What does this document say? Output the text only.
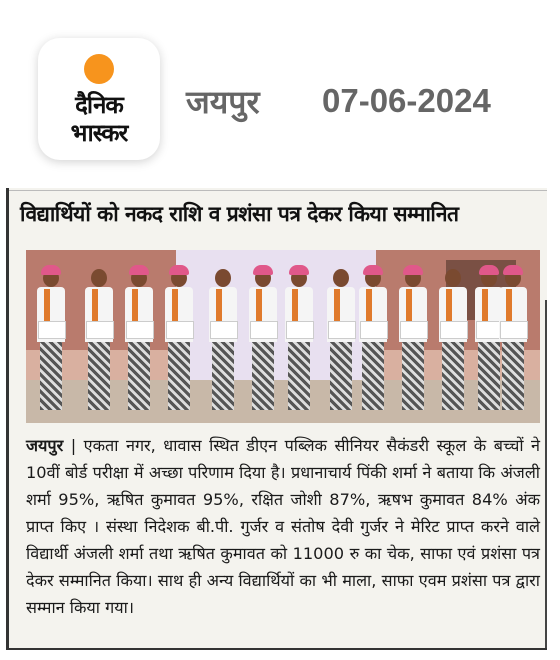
दैनिक
भास्कर
जयपुर 07-06-2024
विद्यार्थियों को नकद राशि व प्रशंसा पत्र देकर किया सम्मानित
जयपुर | एकता नगर, धावास स्थित डीएन पब्लिक सीनियर सैकंडरी स्कूल के बच्चों ने 10वीं बोर्ड परीक्षा में अच्छा परिणाम दिया है। प्रधानाचार्य पिंकी शर्मा ने बताया कि अंजली शर्मा 95%, ऋषित कुमावत 95%, रक्षित जोशी 87%, ऋषभ कुमावत 84% अंक प्राप्त किए । संस्था निदेशक बी.पी. गुर्जर व संतोष देवी गुर्जर ने मेरिट प्राप्त करने वाले विद्यार्थी अंजली शर्मा तथा ऋषित कुमावत को 11000 रु का चेक, साफा एवं प्रशंसा पत्र देकर सम्मानित किया। साथ ही अन्य विद्यार्थियों का भी माला, साफा एवम प्रशंसा पत्र द्वारा सम्मान किया गया।
